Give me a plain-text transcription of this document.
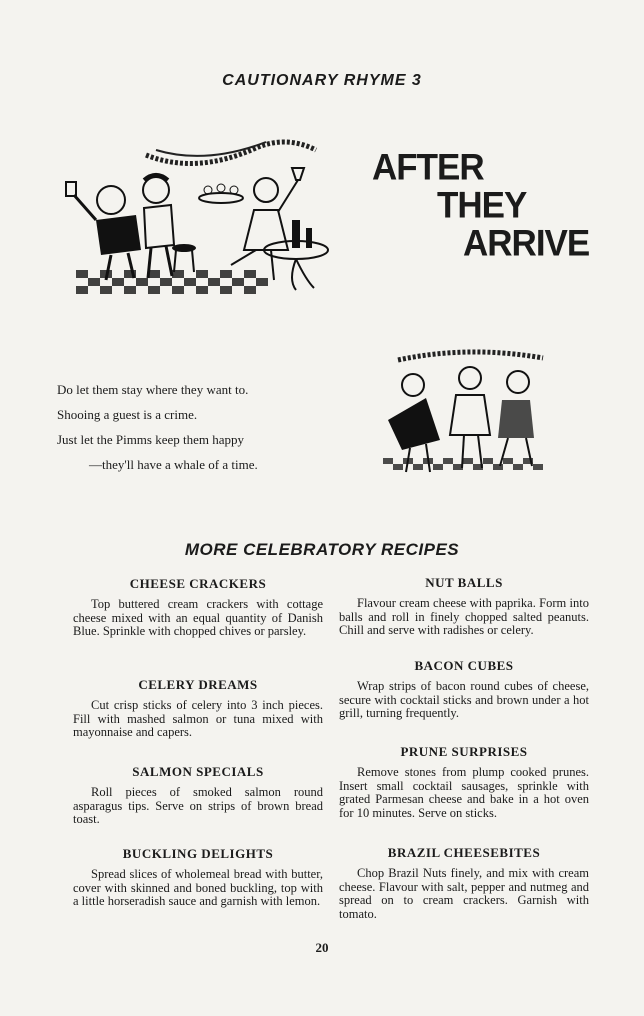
CAUTIONARY RHYME 3
AFTER
THEY
ARRIVE
Do let them stay where they want to.
Shooing a guest is a crime.
Just let the Pimms keep them happy
—they'll have a whale of a time.
MORE CELEBRATORY RECIPES
CHEESE CRACKERS

Top buttered cream crackers with cottage cheese mixed with an equal quantity of Danish Blue. Sprinkle with chopped chives or parsley.

CELERY DREAMS

Cut crisp sticks of celery into 3 inch pieces. Fill with mashed salmon or tuna mixed with mayonnaise and capers.

SALMON SPECIALS

Roll pieces of smoked salmon round asparagus tips. Serve on strips of brown bread toast.

BUCKLING DELIGHTS

Spread slices of wholemeal bread with butter, cover with skinned and boned buckling, top with a little horseradish sauce and garnish with lemon.

NUT BALLS

Flavour cream cheese with paprika. Form into balls and roll in finely chopped salted peanuts. Chill and serve with radishes or celery.

BACON CUBES

Wrap strips of bacon round cubes of cheese, secure with cocktail sticks and brown under a hot grill, turning frequently.

PRUNE SURPRISES

Remove stones from plump cooked prunes. Insert small cocktail sausages, sprinkle with grated Parmesan cheese and bake in a hot oven for 10 minutes. Serve on sticks.

BRAZIL CHEESEBITES

Chop Brazil Nuts finely, and mix with cream cheese. Flavour with salt, pepper and nutmeg and spread on to cream crackers. Garnish with tomato.

20
